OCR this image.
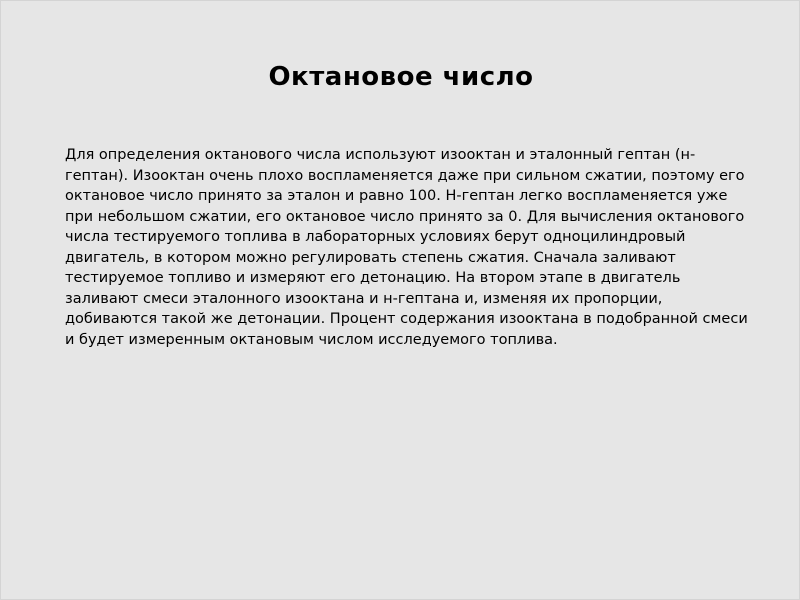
Октановое число

Для определения октанового числа используют изооктан и эталонный гептан (н-гептан). Изооктан очень плохо воспламеняется даже при сильном сжатии, поэтому его октановое число принято за эталон и равно 100. Н-гептан легко воспламеняется уже при небольшом сжатии, его октановое число принято за 0. Для вычисления октанового числа тестируемого топлива в лабораторных условиях берут одноцилиндровый двигатель, в котором можно регулировать степень сжатия. Сначала заливают тестируемое топливо и измеряют его детонацию. На втором этапе в двигатель заливают смеси эталонного изооктана и н-гептана и, изменяя их пропорции, добиваются такой же детонации. Процент содержания изооктана в подобранной смеси и будет измеренным октановым числом исследуемого топлива.
